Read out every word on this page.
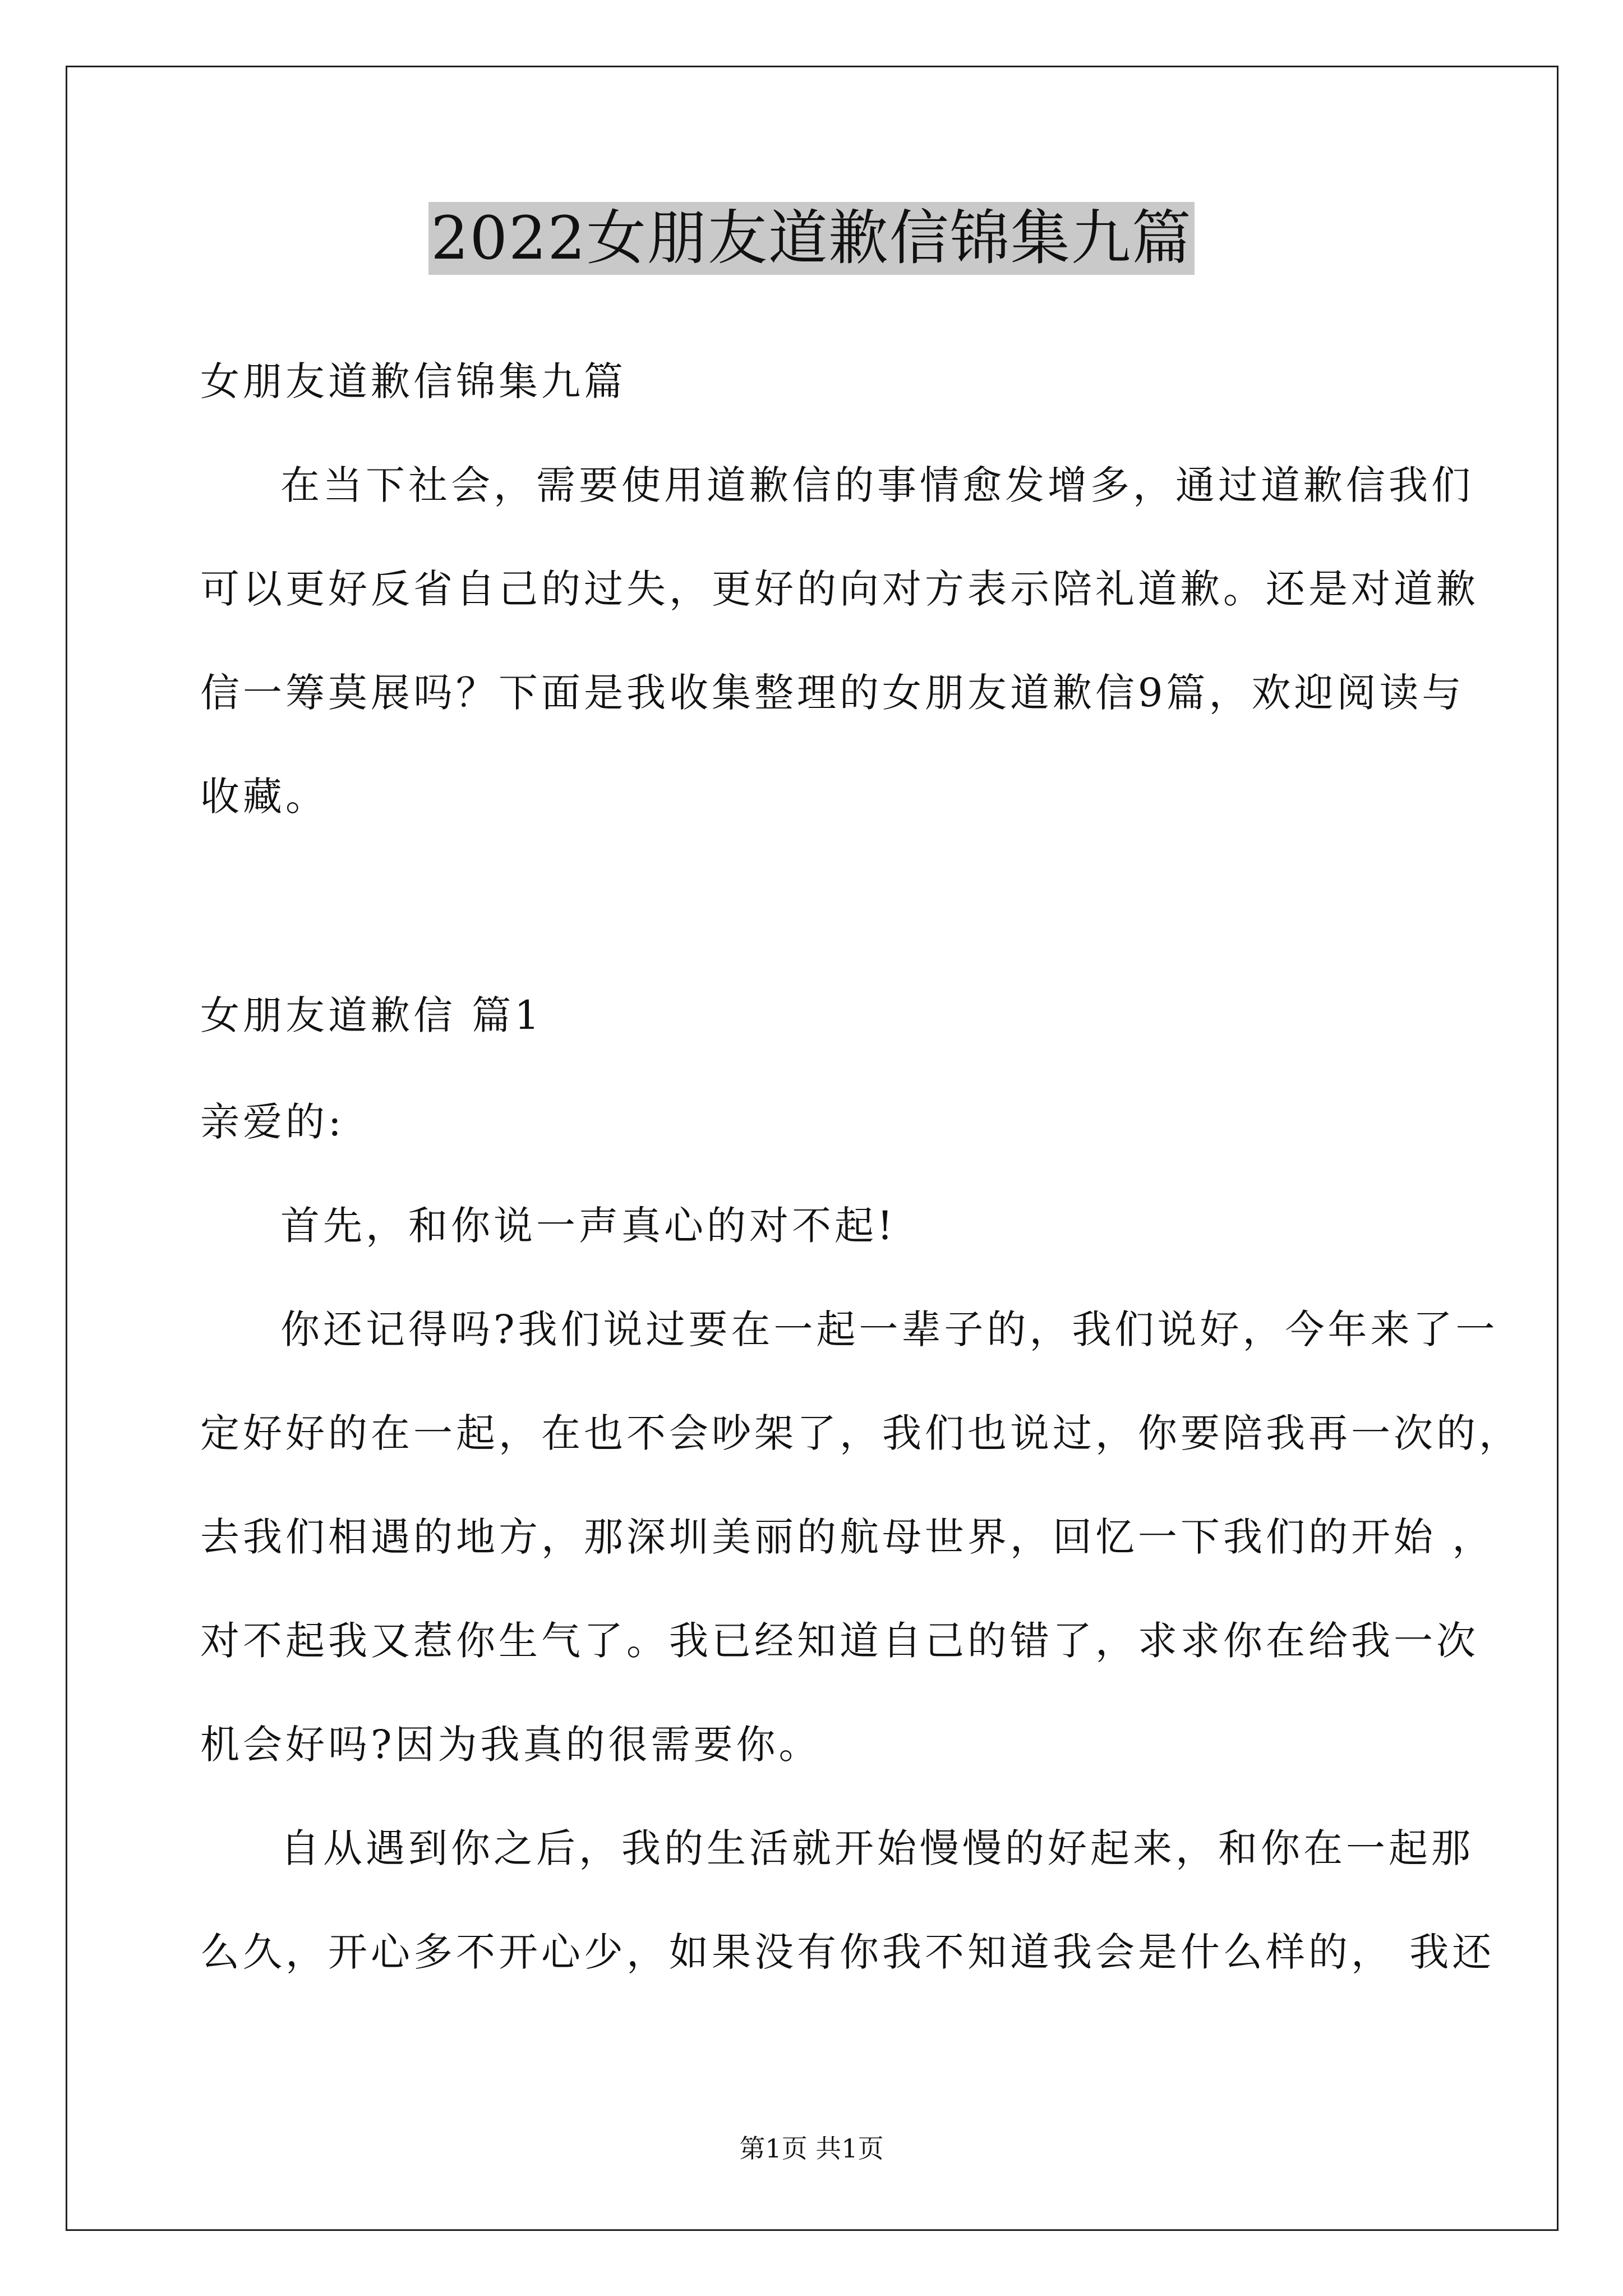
2022女朋友道歉信锦集九篇
女朋友道歉信锦集九篇
在当下社会，需要使用道歉信的事情愈发增多，通过道歉信我们
可以更好反省自己的过失，更好的向对方表示陪礼道歉。还是对道歉
信一筹莫展吗？下面是我收集整理的女朋友道歉信9篇，欢迎阅读与
收藏。
女朋友道歉信 篇1
亲爱的:
首先，和你说一声真心的对不起!
你还记得吗?我们说过要在一起一辈子的，我们说好，今年来了一
定好好的在一起，在也不会吵架了，我们也说过，你要陪我再一次的，
去我们相遇的地方，那深圳美丽的航母世界，回忆一下我们的开始 ，
对不起我又惹你生气了。我已经知道自己的错了，求求你在给我一次
机会好吗?因为我真的很需要你。
自从遇到你之后，我的生活就开始慢慢的好起来，和你在一起那
么久，开心多不开心少，如果没有你我不知道我会是什么样的， 我还
第1页 共1页
